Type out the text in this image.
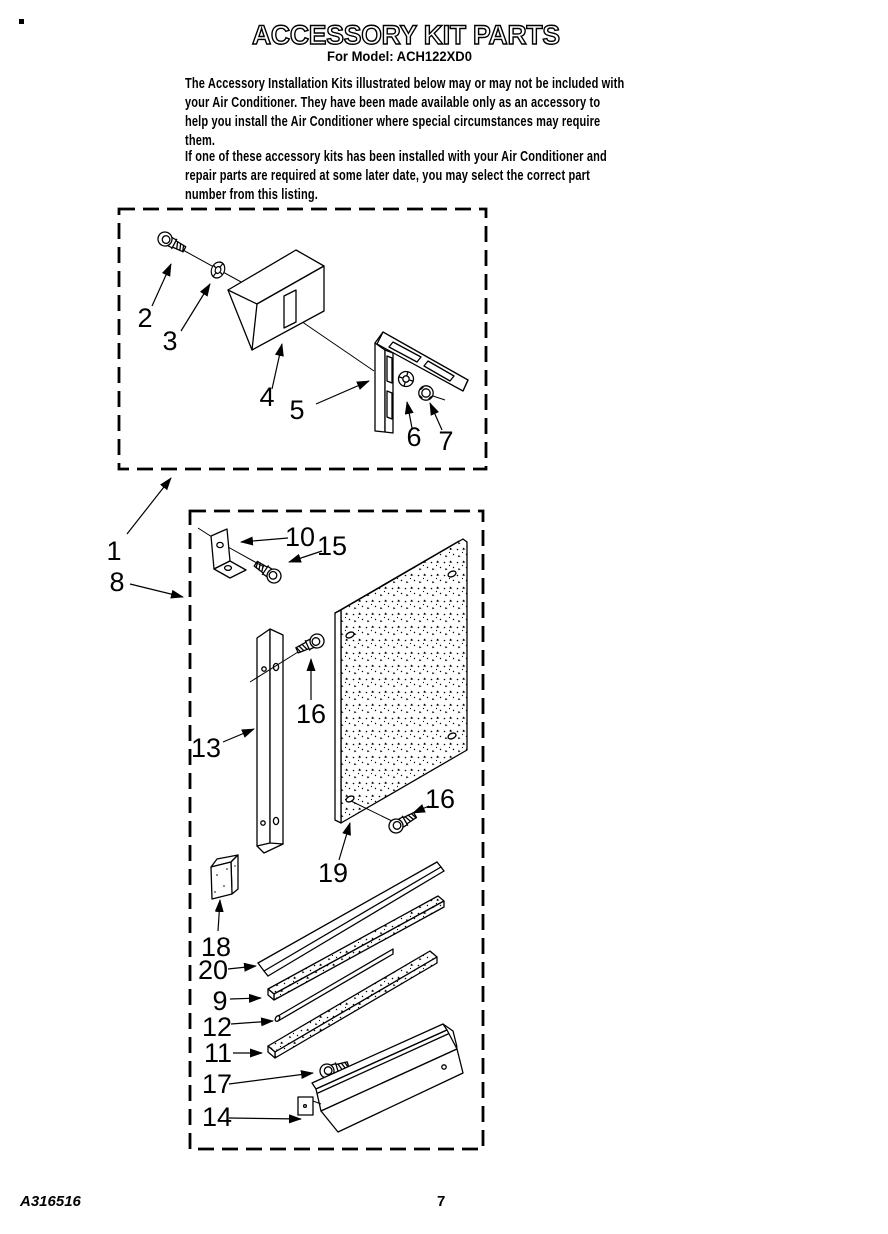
ACCESSORY KIT PARTS
For Model: ACH122XD0
The Accessory Installation Kits illustrated below may or may not be included with
your Air Conditioner. They have been made available only as an accessory to
help you install the Air Conditioner where special circumstances may require
them.
If one of these accessory kits has been installed with your Air Conditioner and
repair parts are required at some later date, you may select the correct part
number from this listing.
1
2
3
4 5
6 7
8
10 15
16
13
16
19
18
20
9
12
11
17
14
A316516	7
